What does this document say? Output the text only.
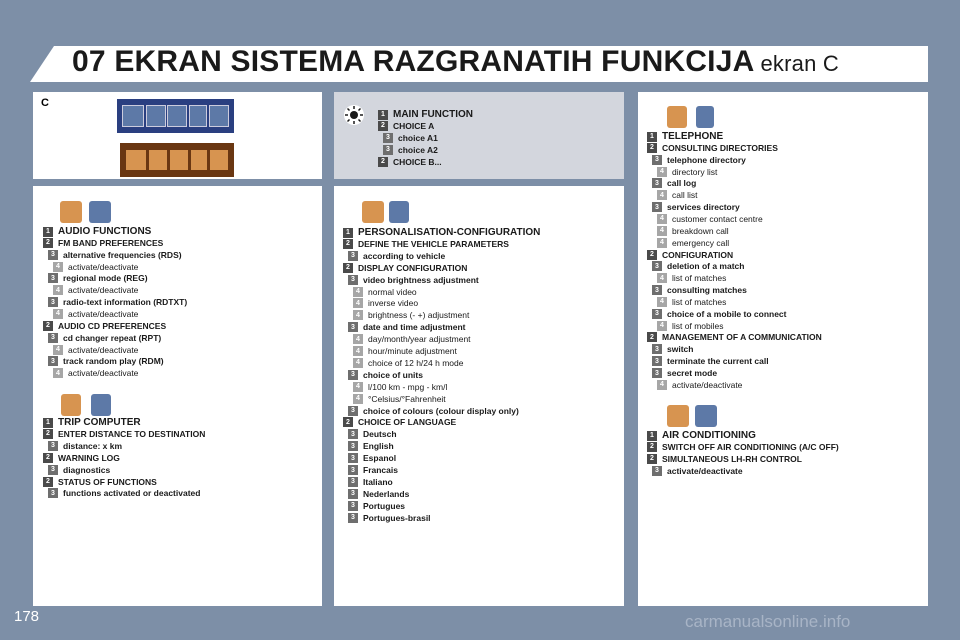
07 EKRAN SISTEMA RAZGRANATIH FUNKCIJA ekran C
C
1 MAIN FUNCTION
2 CHOICE A
3 choice A1
3 choice A2
2 CHOICE B...
1 AUDIO FUNCTIONS
2 FM BAND PREFERENCES
3 alternative frequencies (RDS)
4 activate/deactivate
3 regional mode (REG)
4 activate/deactivate
3 radio-text information (RDTXT)
4 activate/deactivate
2 AUDIO CD PREFERENCES
3 cd changer repeat (RPT)
4 activate/deactivate
3 track random play (RDM)
4 activate/deactivate
1 TRIP COMPUTER
2 ENTER DISTANCE TO DESTINATION
3 distance: x km
2 WARNING LOG
3 diagnostics
2 STATUS OF FUNCTIONS
3 functions activated or deactivated
1 PERSONALISATION-CONFIGURATION
2 DEFINE THE VEHICLE PARAMETERS
3 according to vehicle
2 DISPLAY CONFIGURATION
3 video brightness adjustment
4 normal video
4 inverse video
4 brightness (- +) adjustment
3 date and time adjustment
4 day/month/year adjustment
4 hour/minute adjustment
4 choice of 12 h/24 h mode
3 choice of units
4 l/100 km - mpg - km/l
4 °Celsius/°Fahrenheit
3 choice of colours (colour display only)
2 CHOICE OF LANGUAGE
3 Deutsch
3 English
3 Espanol
3 Francais
3 Italiano
3 Nederlands
3 Portugues
3 Portugues-brasil
1 TELEPHONE
2 CONSULTING DIRECTORIES
3 telephone directory
4 directory list
3 call log
4 call list
3 services directory
4 customer contact centre
4 breakdown call
4 emergency call
2 CONFIGURATION
3 deletion of a match
4 list of matches
3 consulting matches
4 list of matches
3 choice of a mobile to connect
4 list of mobiles
2 MANAGEMENT OF A COMMUNICATION
3 switch
3 terminate the current call
3 secret mode
4 activate/deactivate
1 AIR CONDITIONING
2 SWITCH OFF AIR CONDITIONING (A/C OFF)
2 SIMULTANEOUS LH-RH CONTROL
3 activate/deactivate
178	carmanualsonline.info
